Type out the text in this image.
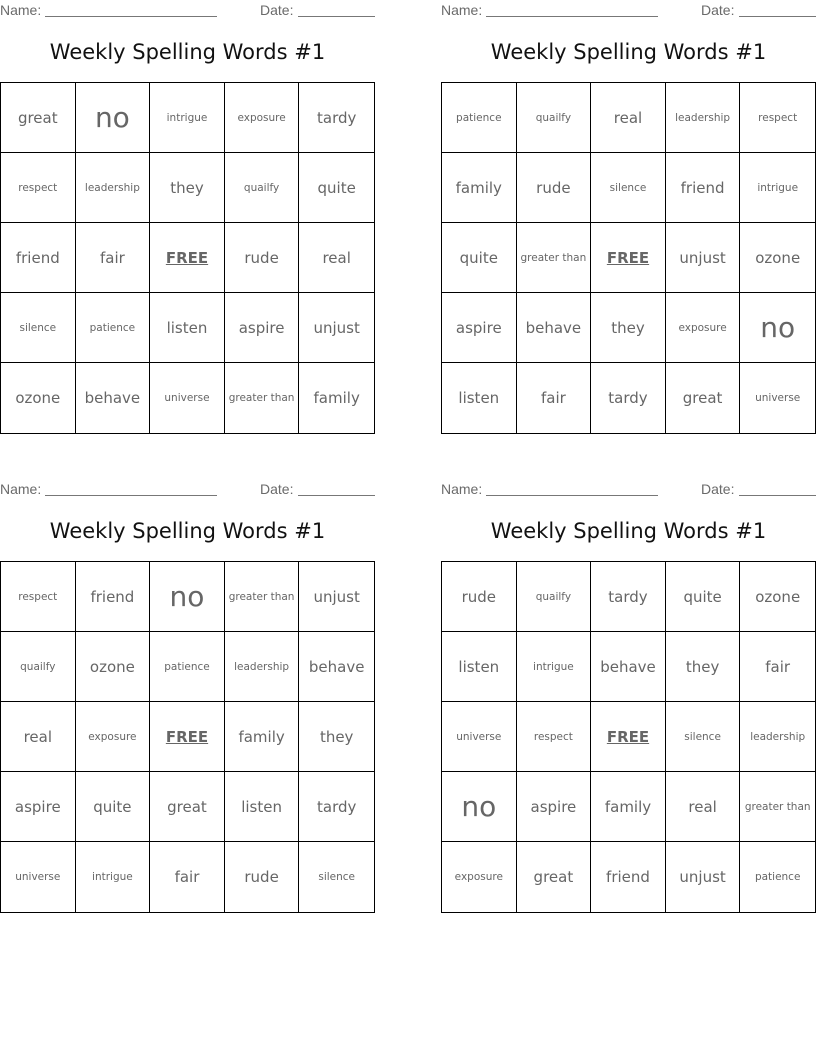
Name:	Date:
Weekly Spelling Words #1
great	no	intrigue	exposure	tardy
respect	leadership	they	quailfy	quite
friend	fair	FREE	rude	real
silence	patience	listen	aspire	unjust
ozone	behave	universe	greater than	family
Name:	Date:
Weekly Spelling Words #1
patience	quailfy	real	leadership	respect
family	rude	silence	friend	intrigue
quite	greater than	FREE	unjust	ozone
aspire	behave	they	exposure	no
listen	fair	tardy	great	universe
Name:	Date:
Weekly Spelling Words #1
respect	friend	no	greater than	unjust
quailfy	ozone	patience	leadership	behave
real	exposure	FREE	family	they
aspire	quite	great	listen	tardy
universe	intrigue	fair	rude	silence
Name:	Date:
Weekly Spelling Words #1
rude	quailfy	tardy	quite	ozone
listen	intrigue	behave	they	fair
universe	respect	FREE	silence	leadership
no	aspire	family	real	greater than
exposure	great	friend	unjust	patience
